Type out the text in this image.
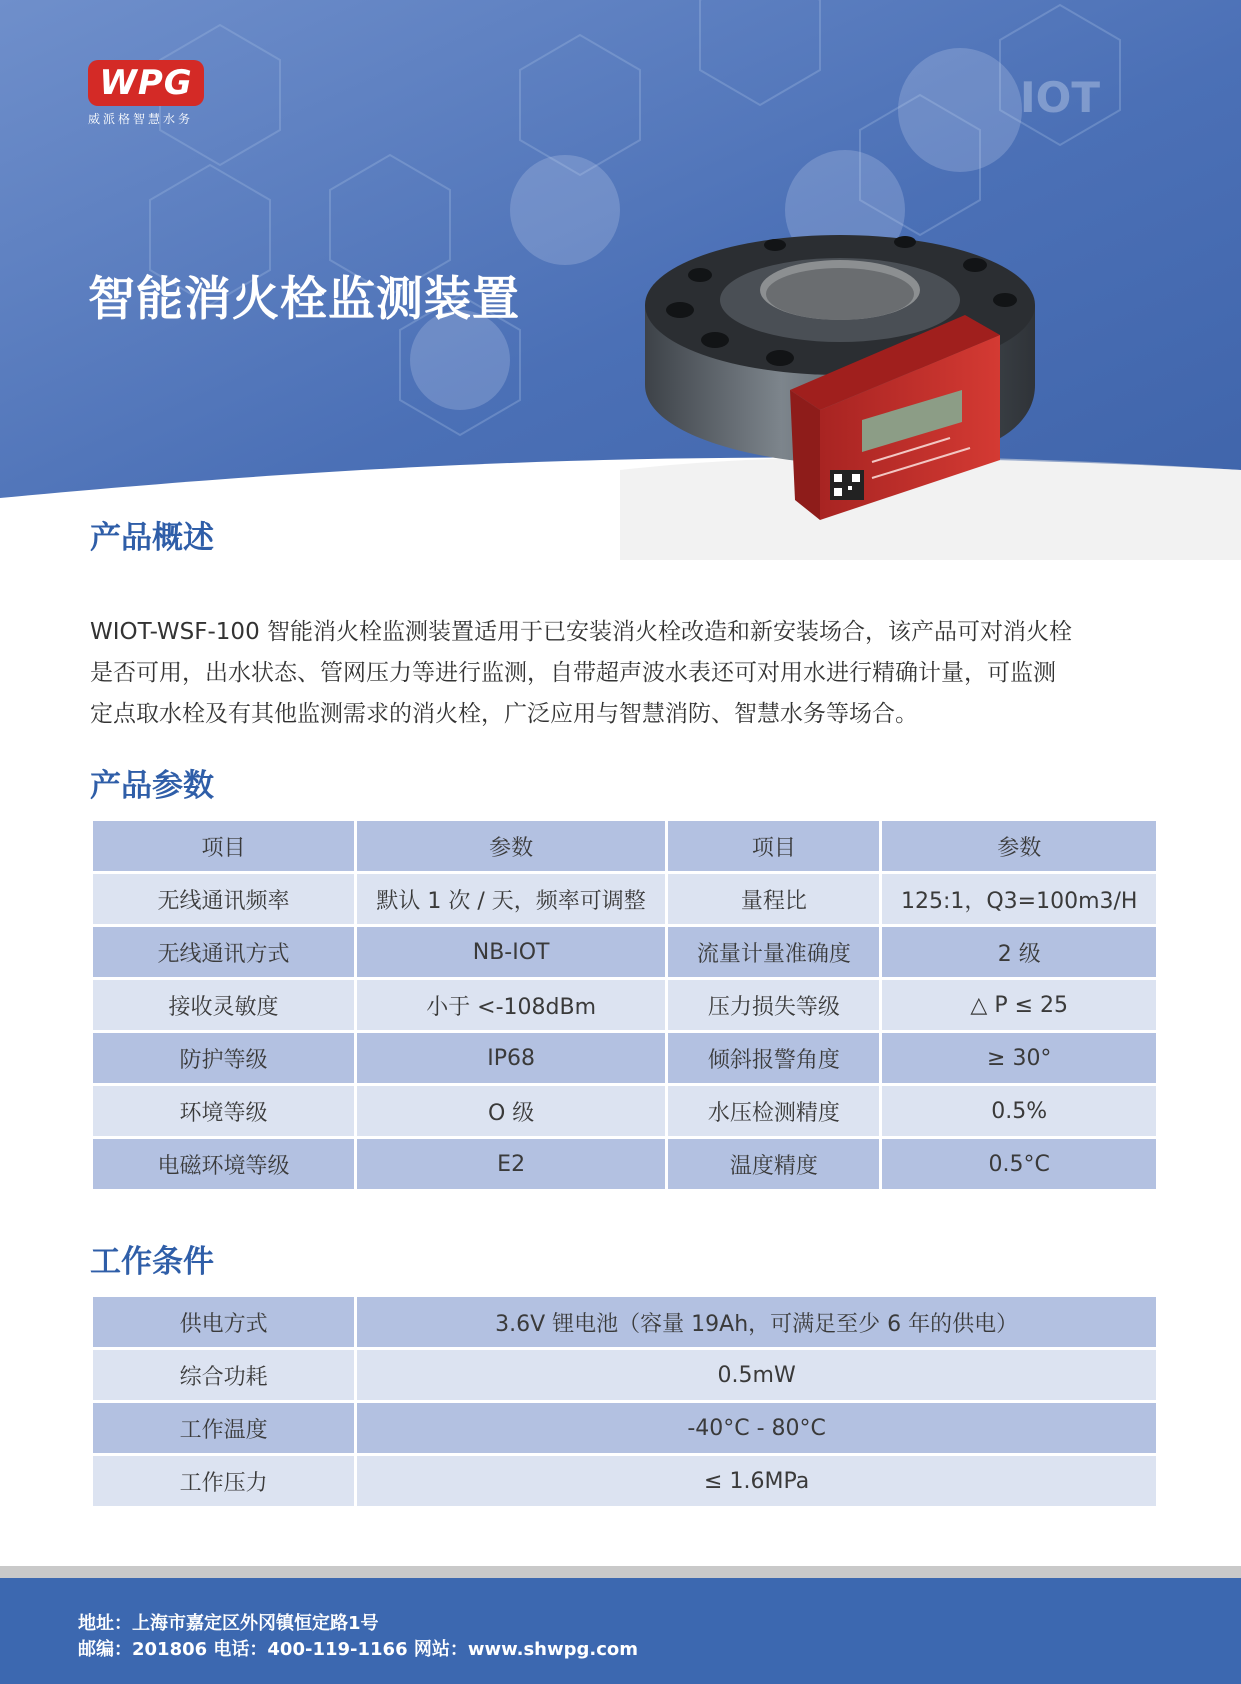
IOT
WPG
威派格智慧水务
智能消火栓监测装置
产品概述
WIOT-WSF-100 智能消火栓监测装置适用于已安装消火栓改造和新安装场合，该产品可对消火栓
是否可用，出水状态、管网压力等进行监测，自带超声波水表还可对用水进行精确计量，可监测
定点取水栓及有其他监测需求的消火栓，广泛应用与智慧消防、智慧水务等场合。
产品参数
项目	参数	项目	参数
无线通讯频率	默认 1 次 / 天，频率可调整	量程比	125:1，Q3=100m3/H
无线通讯方式	NB-IOT	流量计量准确度	2 级
接收灵敏度	小于 <-108dBm	压力损失等级	△ P ≤ 25
防护等级	IP68	倾斜报警角度	≥ 30°
环境等级	O 级	水压检测精度	0.5%
电磁环境等级	E2	温度精度	0.5°C
工作条件
供电方式	3.6V 锂电池（容量 19Ah，可满足至少 6 年的供电）
综合功耗	0.5mW
工作温度	-40°C - 80°C
工作压力	≤ 1.6MPa
地址：上海市嘉定区外冈镇恒定路1号
邮编：201806 电话：400-119-1166 网站：www.shwpg.com
